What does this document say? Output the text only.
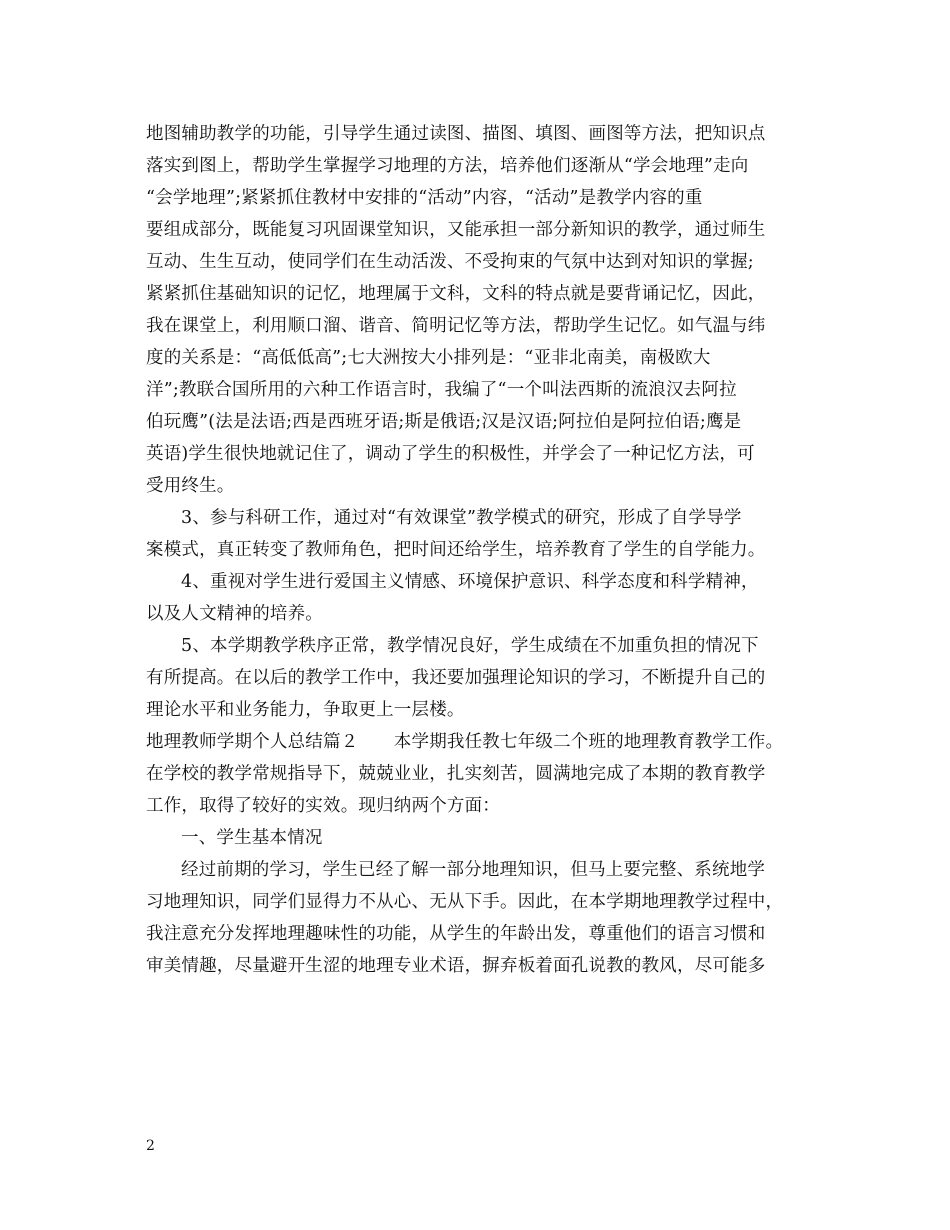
地图辅助教学的功能，引导学生通过读图、描图、填图、画图等方法，把知识点
落实到图上，帮助学生掌握学习地理的方法，培养他们逐渐从“学会地理”走向
“会学地理”;紧紧抓住教材中安排的“活动”内容，“活动”是教学内容的重
要组成部分，既能复习巩固课堂知识，又能承担一部分新知识的教学，通过师生
互动、生生互动，使同学们在生动活泼、不受拘束的气氛中达到对知识的掌握;
紧紧抓住基础知识的记忆，地理属于文科，文科的特点就是要背诵记忆，因此，
我在课堂上，利用顺口溜、谐音、简明记忆等方法，帮助学生记忆。如气温与纬
度的关系是：“高低低高”;七大洲按大小排列是：“亚非北南美，南极欧大
洋”;教联合国所用的六种工作语言时，我编了“一个叫法西斯的流浪汉去阿拉
伯玩鹰”(法是法语;西是西班牙语;斯是俄语;汉是汉语;阿拉伯是阿拉伯语;鹰是
英语)学生很快地就记住了，调动了学生的积极性，并学会了一种记忆方法，可
受用终生。
3、参与科研工作，通过对“有效课堂”教学模式的研究，形成了自学导学
案模式，真正转变了教师角色，把时间还给学生，培养教育了学生的自学能力。
4、重视对学生进行爱国主义情感、环境保护意识、科学态度和科学精神，
以及人文精神的培养。
5、本学期教学秩序正常，教学情况良好，学生成绩在不加重负担的情况下
有所提高。在以后的教学工作中，我还要加强理论知识的学习，不断提升自己的
理论水平和业务能力，争取更上一层楼。
地理教师学期个人总结篇２　　本学期我任教七年级二个班的地理教育教学工作。
在学校的教学常规指导下，兢兢业业，扎实刻苦，圆满地完成了本期的教育教学
工作，取得了较好的实效。现归纳两个方面：
一、学生基本情况
经过前期的学习，学生已经了解一部分地理知识，但马上要完整、系统地学
习地理知识，同学们显得力不从心、无从下手。因此，在本学期地理教学过程中，
我注意充分发挥地理趣味性的功能，从学生的年龄出发，尊重他们的语言习惯和
审美情趣，尽量避开生涩的地理专业术语，摒弃板着面孔说教的教风，尽可能多
2
